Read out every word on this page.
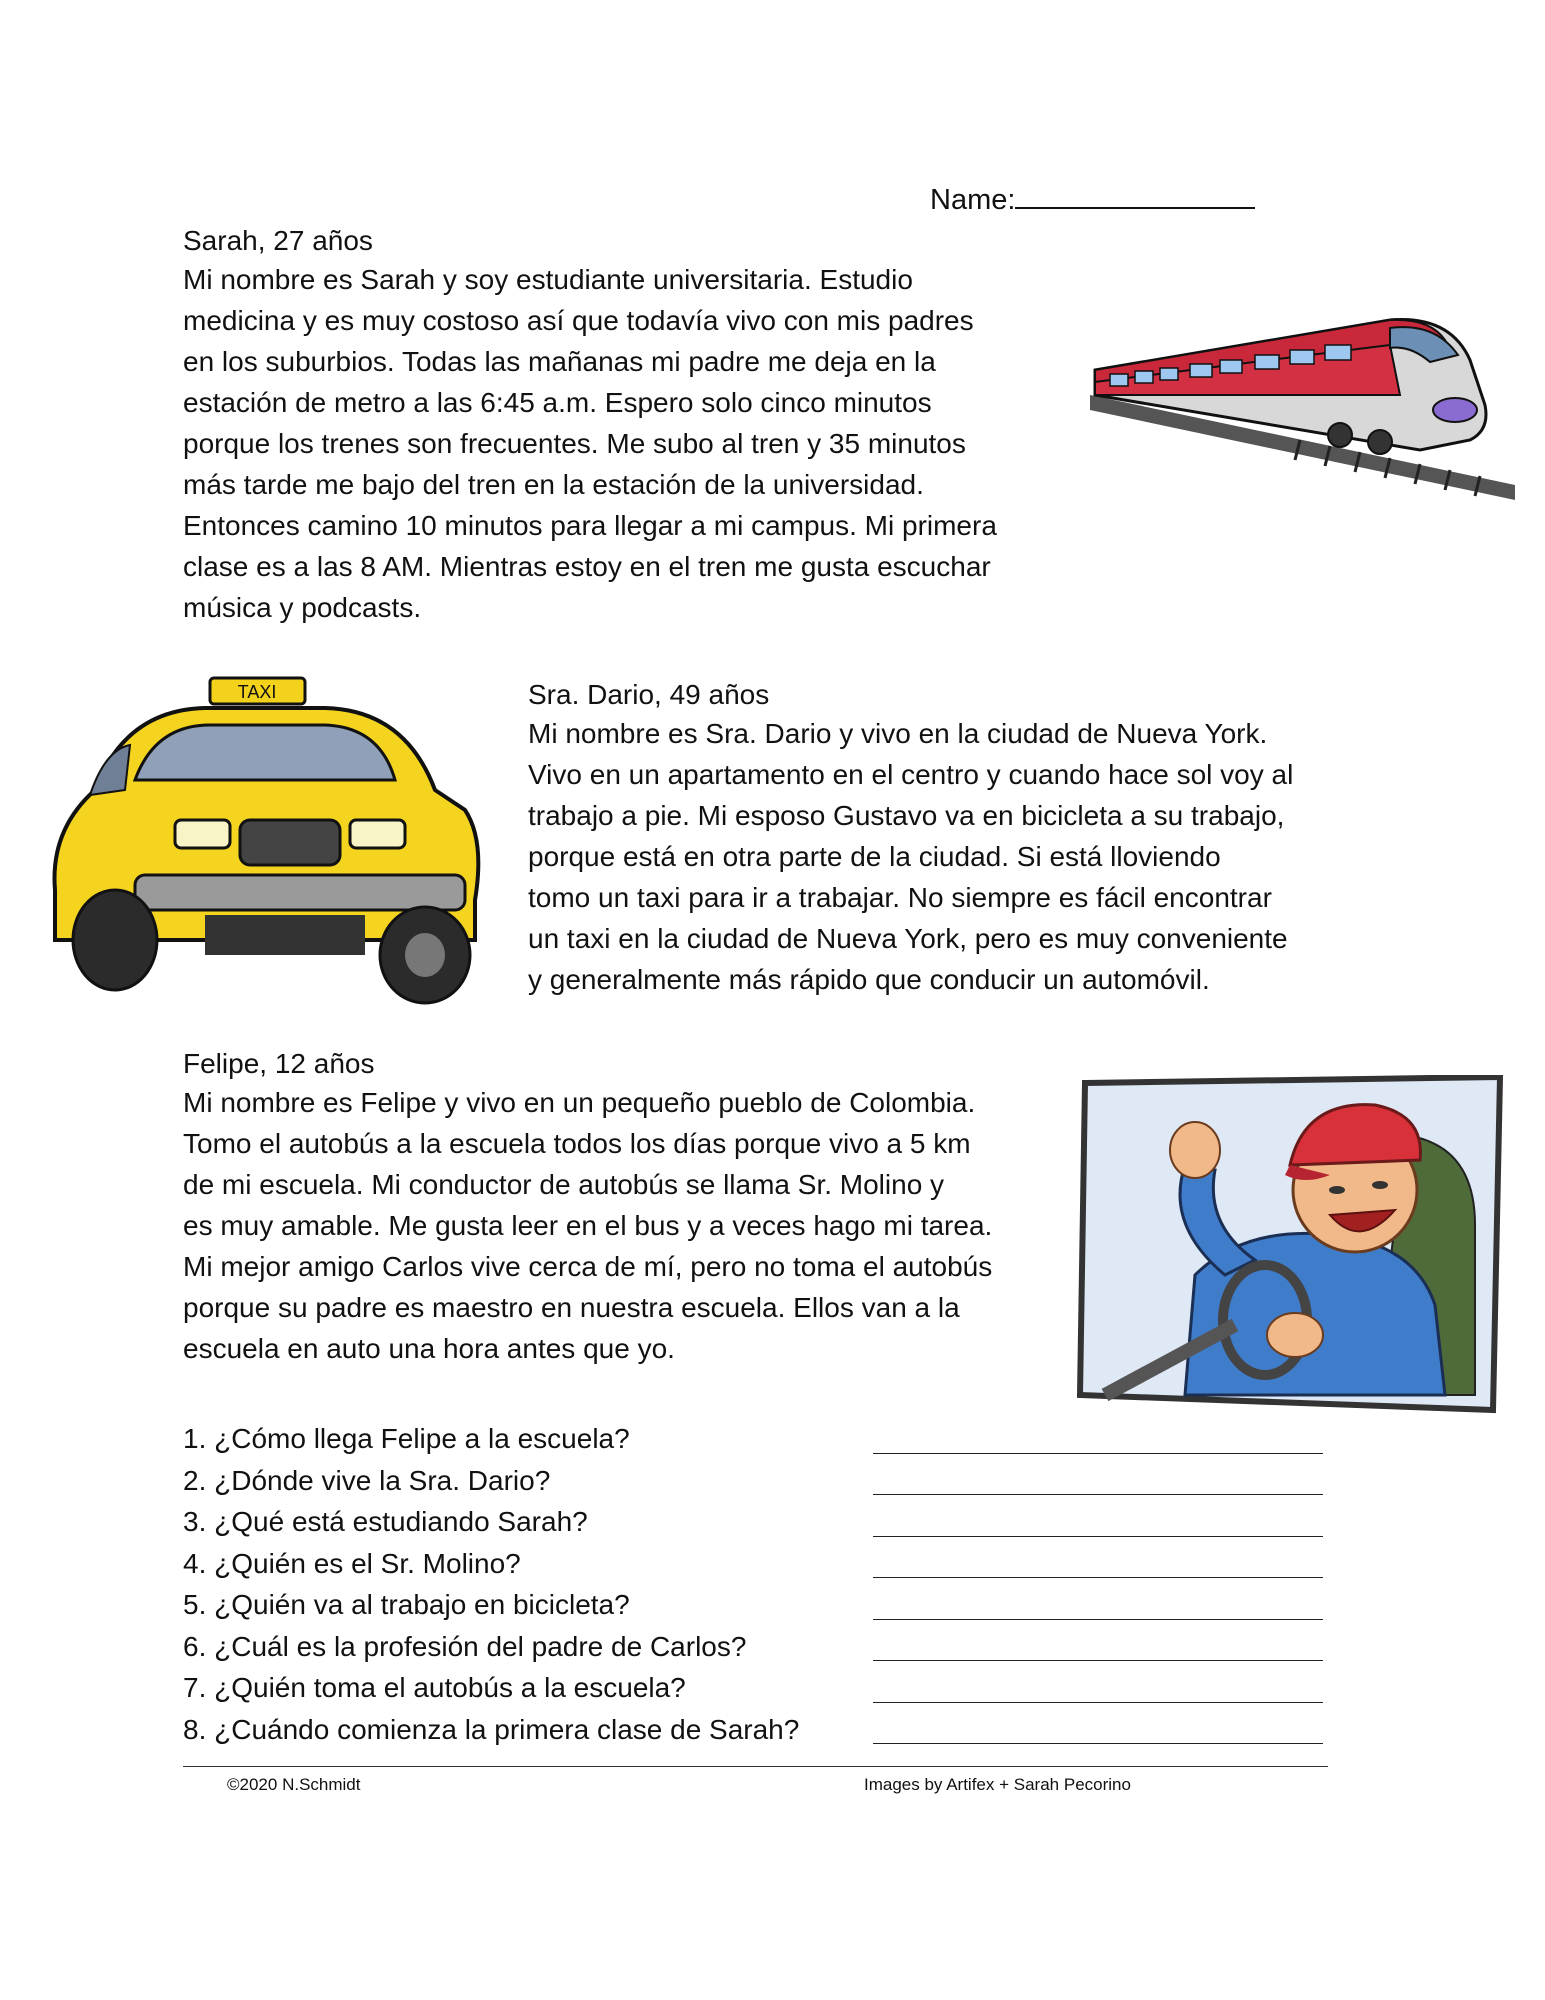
Name:
Sarah, 27 años
Mi nombre es Sarah y soy estudiante universitaria. Estudio
medicina y es muy costoso así que todavía vivo con mis padres
en los suburbios. Todas las mañanas mi padre me deja en la
estación de metro a las 6:45 a.m. Espero solo cinco minutos
porque los trenes son frecuentes. Me subo al tren y 35 minutos
más tarde me bajo del tren en la estación de la universidad.
Entonces camino 10 minutos para llegar a mi campus. Mi primera
clase es a las 8 AM. Mientras estoy en el tren me gusta escuchar
música y podcasts.
TAXI	Sra. Dario, 49 años
Mi nombre es Sra. Dario y vivo en la ciudad de Nueva York.
Vivo en un apartamento en el centro y cuando hace sol voy al
trabajo a pie. Mi esposo Gustavo va en bicicleta a su trabajo,
porque está en otra parte de la ciudad. Si está lloviendo
tomo un taxi para ir a trabajar. No siempre es fácil encontrar
un taxi en la ciudad de Nueva York, pero es muy conveniente
y generalmente más rápido que conducir un automóvil.
Felipe, 12 años
Mi nombre es Felipe y vivo en un pequeño pueblo de Colombia.
Tomo el autobús a la escuela todos los días porque vivo a 5 km
de mi escuela. Mi conductor de autobús se llama Sr. Molino y
es muy amable. Me gusta leer en el bus y a veces hago mi tarea.
Mi mejor amigo Carlos vive cerca de mí, pero no toma el autobús
porque su padre es maestro en nuestra escuela. Ellos van a la
escuela en auto una hora antes que yo.
1. ¿Cómo llega Felipe a la escuela?
2. ¿Dónde vive la Sra. Dario?
3. ¿Qué está estudiando Sarah?
4. ¿Quién es el Sr. Molino?
5. ¿Quién va al trabajo en bicicleta?
6. ¿Cuál es la profesión del padre de Carlos?
7. ¿Quién toma el autobús a la escuela?
8. ¿Cuándo comienza la primera clase de Sarah?
©2020 N.Schmidt	Images by Artifex + Sarah Pecorino
